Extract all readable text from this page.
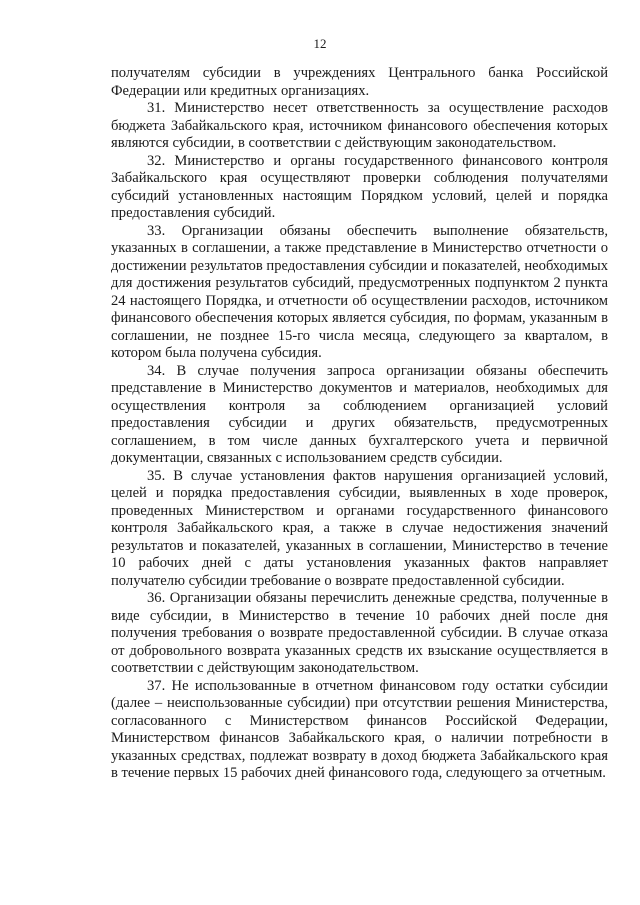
12

получателям субсидии в учреждениях Центрального банка Российской Федерации или кредитных организациях.

31. Министерство несет ответственность за осуществление расходов бюджета Забайкальского края, источником финансового обеспечения которых являются субсидии, в соответствии с действующим законодательством.

32. Министерство и органы государственного финансового контроля Забайкальского края осуществляют проверки соблюдения получателями субсидий установленных настоящим Порядком условий, целей и порядка предоставления субсидий.

33. Организации обязаны обеспечить выполнение обязательств, указанных в соглашении, а также представление в Министерство отчетности о достижении результатов предоставления субсидии и показателей, необходимых для достижения результатов субсидий, предусмотренных подпунктом 2 пункта 24 настоящего Порядка, и отчетности об осуществлении расходов, источником финансового обеспечения которых является субсидия, по формам, указанным в соглашении, не позднее 15-го числа месяца, следующего за кварталом, в котором была получена субсидия.

34. В случае получения запроса организации обязаны обеспечить представление в Министерство документов и материалов, необходимых для осуществления контроля за соблюдением организацией условий предоставления субсидии и других обязательств, предусмотренных соглашением, в том числе данных бухгалтерского учета и первичной документации, связанных с использованием средств субсидии.

35. В случае установления фактов нарушения организацией условий, целей и порядка предоставления субсидии, выявленных в ходе проверок, проведенных Министерством и органами государственного финансового контроля Забайкальского края, а также в случае недостижения значений результатов и показателей, указанных в соглашении, Министерство в течение 10 рабочих дней с даты установления указанных фактов направляет получателю субсидии требование о возврате предоставленной субсидии.

36. Организации обязаны перечислить денежные средства, полученные в виде субсидии, в Министерство в течение 10 рабочих дней после дня получения требования о возврате предоставленной субсидии. В случае отказа от добровольного возврата указанных средств их взыскание осуществляется в соответствии с действующим законодательством.

37. Не использованные в отчетном финансовом году остатки субсидии (далее – неиспользованные субсидии) при отсутствии решения Министерства, согласованного с Министерством финансов Российской Федерации, Министерством финансов Забайкальского края, о наличии потребности в указанных средствах, подлежат возврату в доход бюджета Забайкальского края в течение первых 15 рабочих дней финансового года, следующего за отчетным.
